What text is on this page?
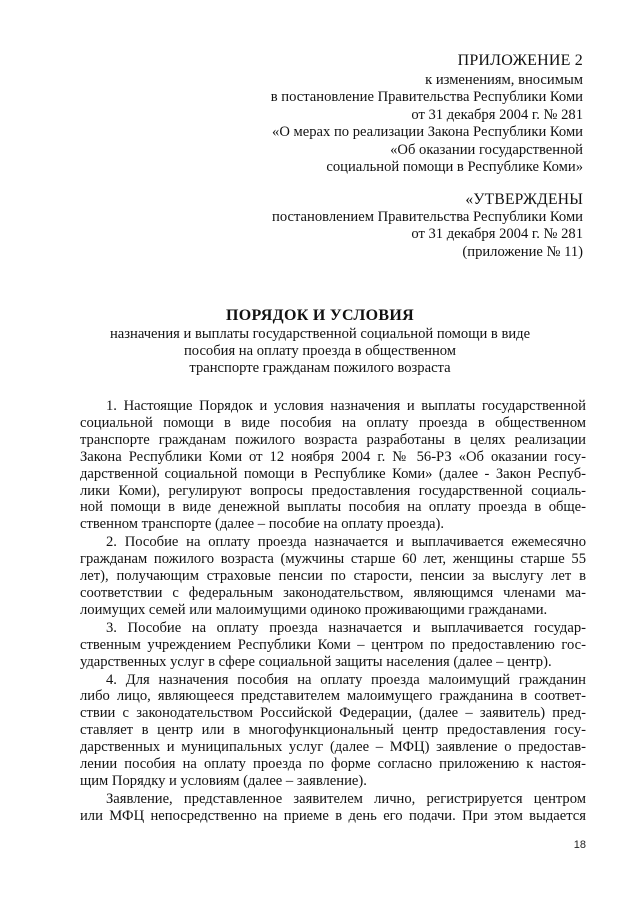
ПРИЛОЖЕНИЕ 2
к изменениям, вносимым
в постановление Правительства Республики Коми
от 31 декабря 2004 г. № 281
«О мерах по реализации Закона Республики Коми
«Об оказании государственной
социальной помощи в Республике Коми»
«УТВЕРЖДЕНЫ
постановлением Правительства Республики Коми
от 31 декабря 2004 г. № 281
(приложение № 11)
ПОРЯДОК И УСЛОВИЯ
назначения и выплаты государственной социальной помощи в виде
пособия на оплату проезда в общественном
транспорте гражданам пожилого возраста
1. Настоящие Порядок и условия назначения и выплаты государственной
социальной помощи в виде пособия на оплату проезда в общественном
транспорте гражданам пожилого возраста разработаны в целях реализации
Закона Республики Коми от 12 ноября 2004 г. № 56-РЗ «Об оказании госу-
дарственной социальной помощи в Республике Коми» (далее - Закон Респуб-
лики Коми), регулируют вопросы предоставления государственной социаль-
ной помощи в виде денежной выплаты пособия на оплату проезда в обще-
ственном транспорте (далее – пособие на оплату проезда).
2. Пособие на оплату проезда назначается и выплачивается ежемесячно
гражданам пожилого возраста (мужчины старше 60 лет, женщины старше 55
лет), получающим страховые пенсии по старости, пенсии за выслугу лет в
соответствии с федеральным законодательством, являющимся членами ма-
лоимущих семей или малоимущими одиноко проживающими гражданами.
3. Пособие на оплату проезда назначается и выплачивается государ-
ственным учреждением Республики Коми – центром по предоставлению гос-
ударственных услуг в сфере социальной защиты населения (далее – центр).
4. Для назначения пособия на оплату проезда малоимущий гражданин
либо лицо, являющееся представителем малоимущего гражданина в соответ-
ствии с законодательством Российской Федерации, (далее – заявитель) пред-
ставляет в центр или в многофункциональный центр предоставления госу-
дарственных и муниципальных услуг (далее – МФЦ) заявление о предостав-
лении пособия на оплату проезда по форме согласно приложению к настоя-
щим Порядку и условиям (далее – заявление).
Заявление, представленное заявителем лично, регистрируется центром
или МФЦ непосредственно на приеме в день его подачи. При этом выдается
18
